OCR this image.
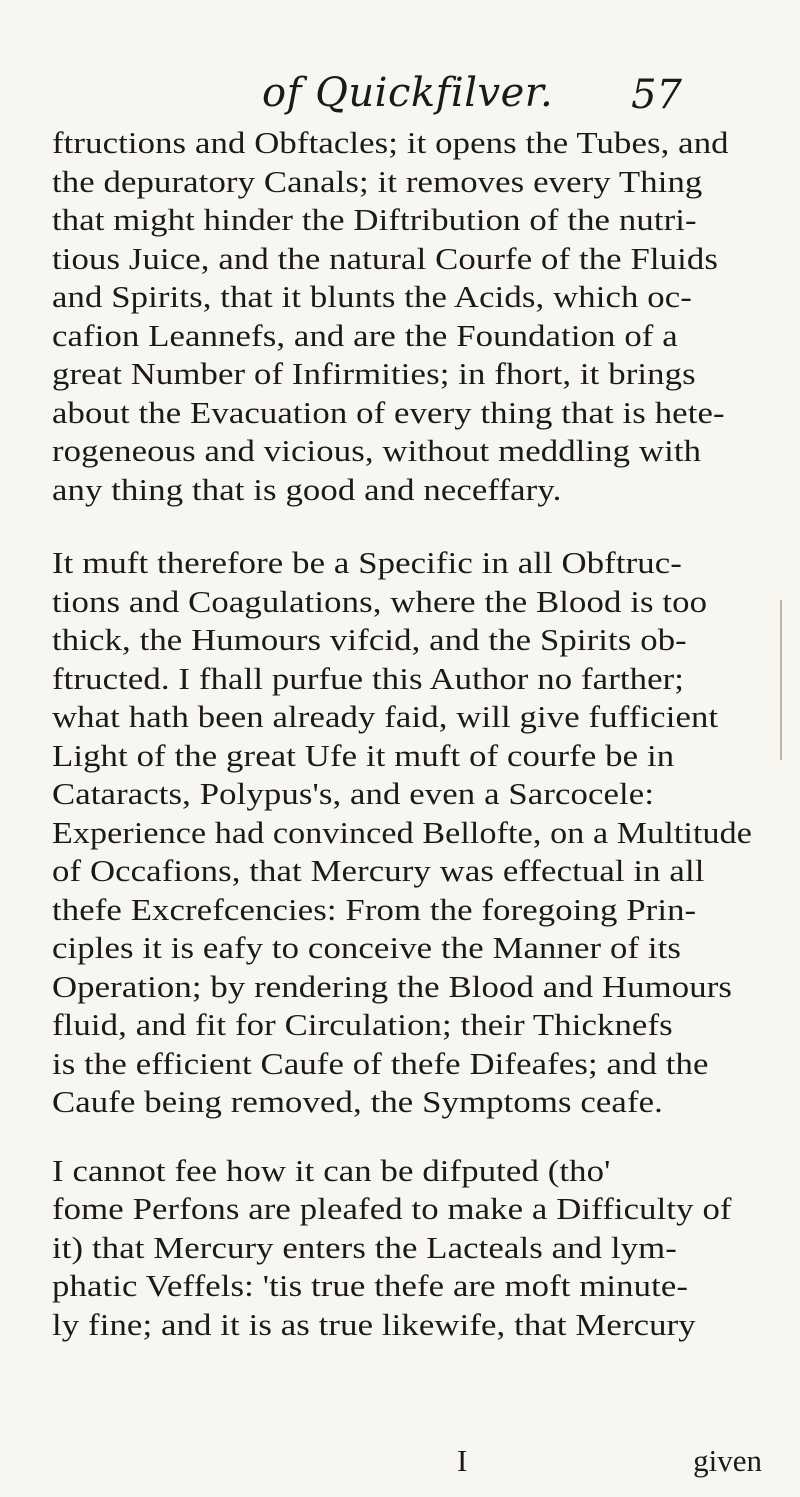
of Quickfilver. 57
ftructions and Obftacles; it opens the Tubes, and
the depuratory Canals; it removes every Thing
that might hinder the Diftribution of the nutri-
tious Juice, and the natural Courfe of the Fluids
and Spirits, that it blunts the Acids, which oc-
cafion Leannefs, and are the Foundation of a
great Number of Infirmities; in fhort, it brings
about the Evacuation of every thing that is hete-
rogeneous and vicious, without meddling with
any thing that is good and neceffary.
It muft therefore be a Specific in all Obftruc-
tions and Coagulations, where the Blood is too
thick, the Humours vifcid, and the Spirits ob-
ftructed. I fhall purfue this Author no farther;
what hath been already faid, will give fufficient
Light of the great Ufe it muft of courfe be in
Cataracts, Polypus's, and even a Sarcocele:
Experience had convinced Bellofte, on a Multitude
of Occafions, that Mercury was effectual in all
thefe Excrefcencies: From the foregoing Prin-
ciples it is eafy to conceive the Manner of its
Operation; by rendering the Blood and Humours
fluid, and fit for Circulation; their Thicknefs
is the efficient Caufe of thefe Difeafes; and the
Caufe being removed, the Symptoms ceafe.
I cannot fee how it can be difputed (tho'
fome Perfons are pleafed to make a Difficulty of
it) that Mercury enters the Lacteals and lym-
phatic Veffels: 'tis true thefe are moft minute-
ly fine; and it is as true likewife, that Mercury
I	given
